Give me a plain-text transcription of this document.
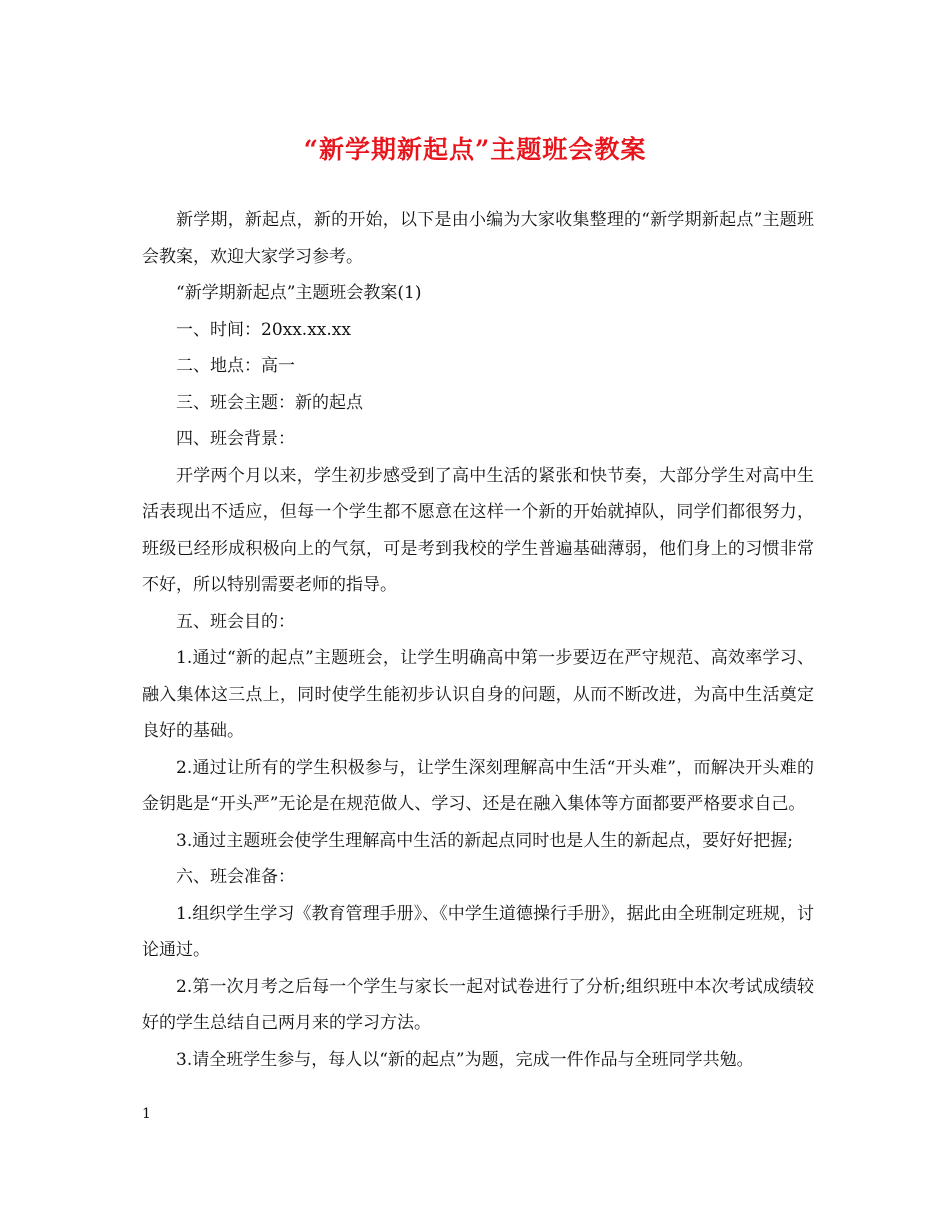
“新学期新起点”主题班会教案

新学期，新起点，新的开始，以下是由小编为大家收集整理的“新学期新起点”主题班会教案，欢迎大家学习参考。

“新学期新起点”主题班会教案(1)

一、时间：20xx.xx.xx

二、地点：高一

三、班会主题：新的起点

四、班会背景：

开学两个月以来，学生初步感受到了高中生活的紧张和快节奏，大部分学生对高中生活表现出不适应，但每一个学生都不愿意在这样一个新的开始就掉队，同学们都很努力，班级已经形成积极向上的气氛，可是考到我校的学生普遍基础薄弱，他们身上的习惯非常不好，所以特别需要老师的指导。

五、班会目的：

1.通过“新的起点”主题班会，让学生明确高中第一步要迈在严守规范、高效率学习、融入集体这三点上，同时使学生能初步认识自身的问题，从而不断改进，为高中生活奠定良好的基础。

2.通过让所有的学生积极参与，让学生深刻理解高中生活“开头难”，而解决开头难的金钥匙是“开头严”无论是在规范做人、学习、还是在融入集体等方面都要严格要求自己。

3.通过主题班会使学生理解高中生活的新起点同时也是人生的新起点，要好好把握;

六、班会准备：

1.组织学生学习《教育管理手册》、《中学生道德操行手册》，据此由全班制定班规，讨论通过。

2.第一次月考之后每一个学生与家长一起对试卷进行了分析;组织班中本次考试成绩较好的学生总结自己两月来的学习方法。

3.请全班学生参与，每人以“新的起点”为题，完成一件作品与全班同学共勉。

1
